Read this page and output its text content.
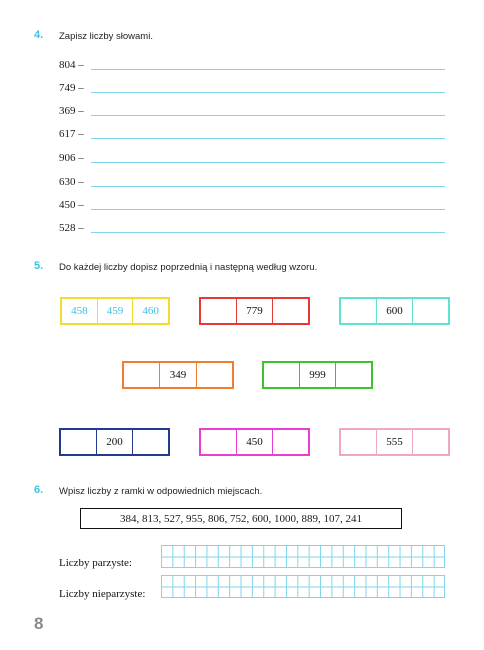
4. Zapisz liczby słowami.
804 –
749 –
369 –
617 –
906 –
630 –
450 –
528 –
5. Do każdej liczby dopisz poprzednią i następną według wzoru.
458	459	460	779	600
349	999
200	450	555
6. Wpisz liczby z ramki w odpowiednich miejscach.
384, 813, 527, 955, 806, 752, 600, 1000, 889, 107, 241
Liczby parzyste:
Liczby nieparzyste:
8
